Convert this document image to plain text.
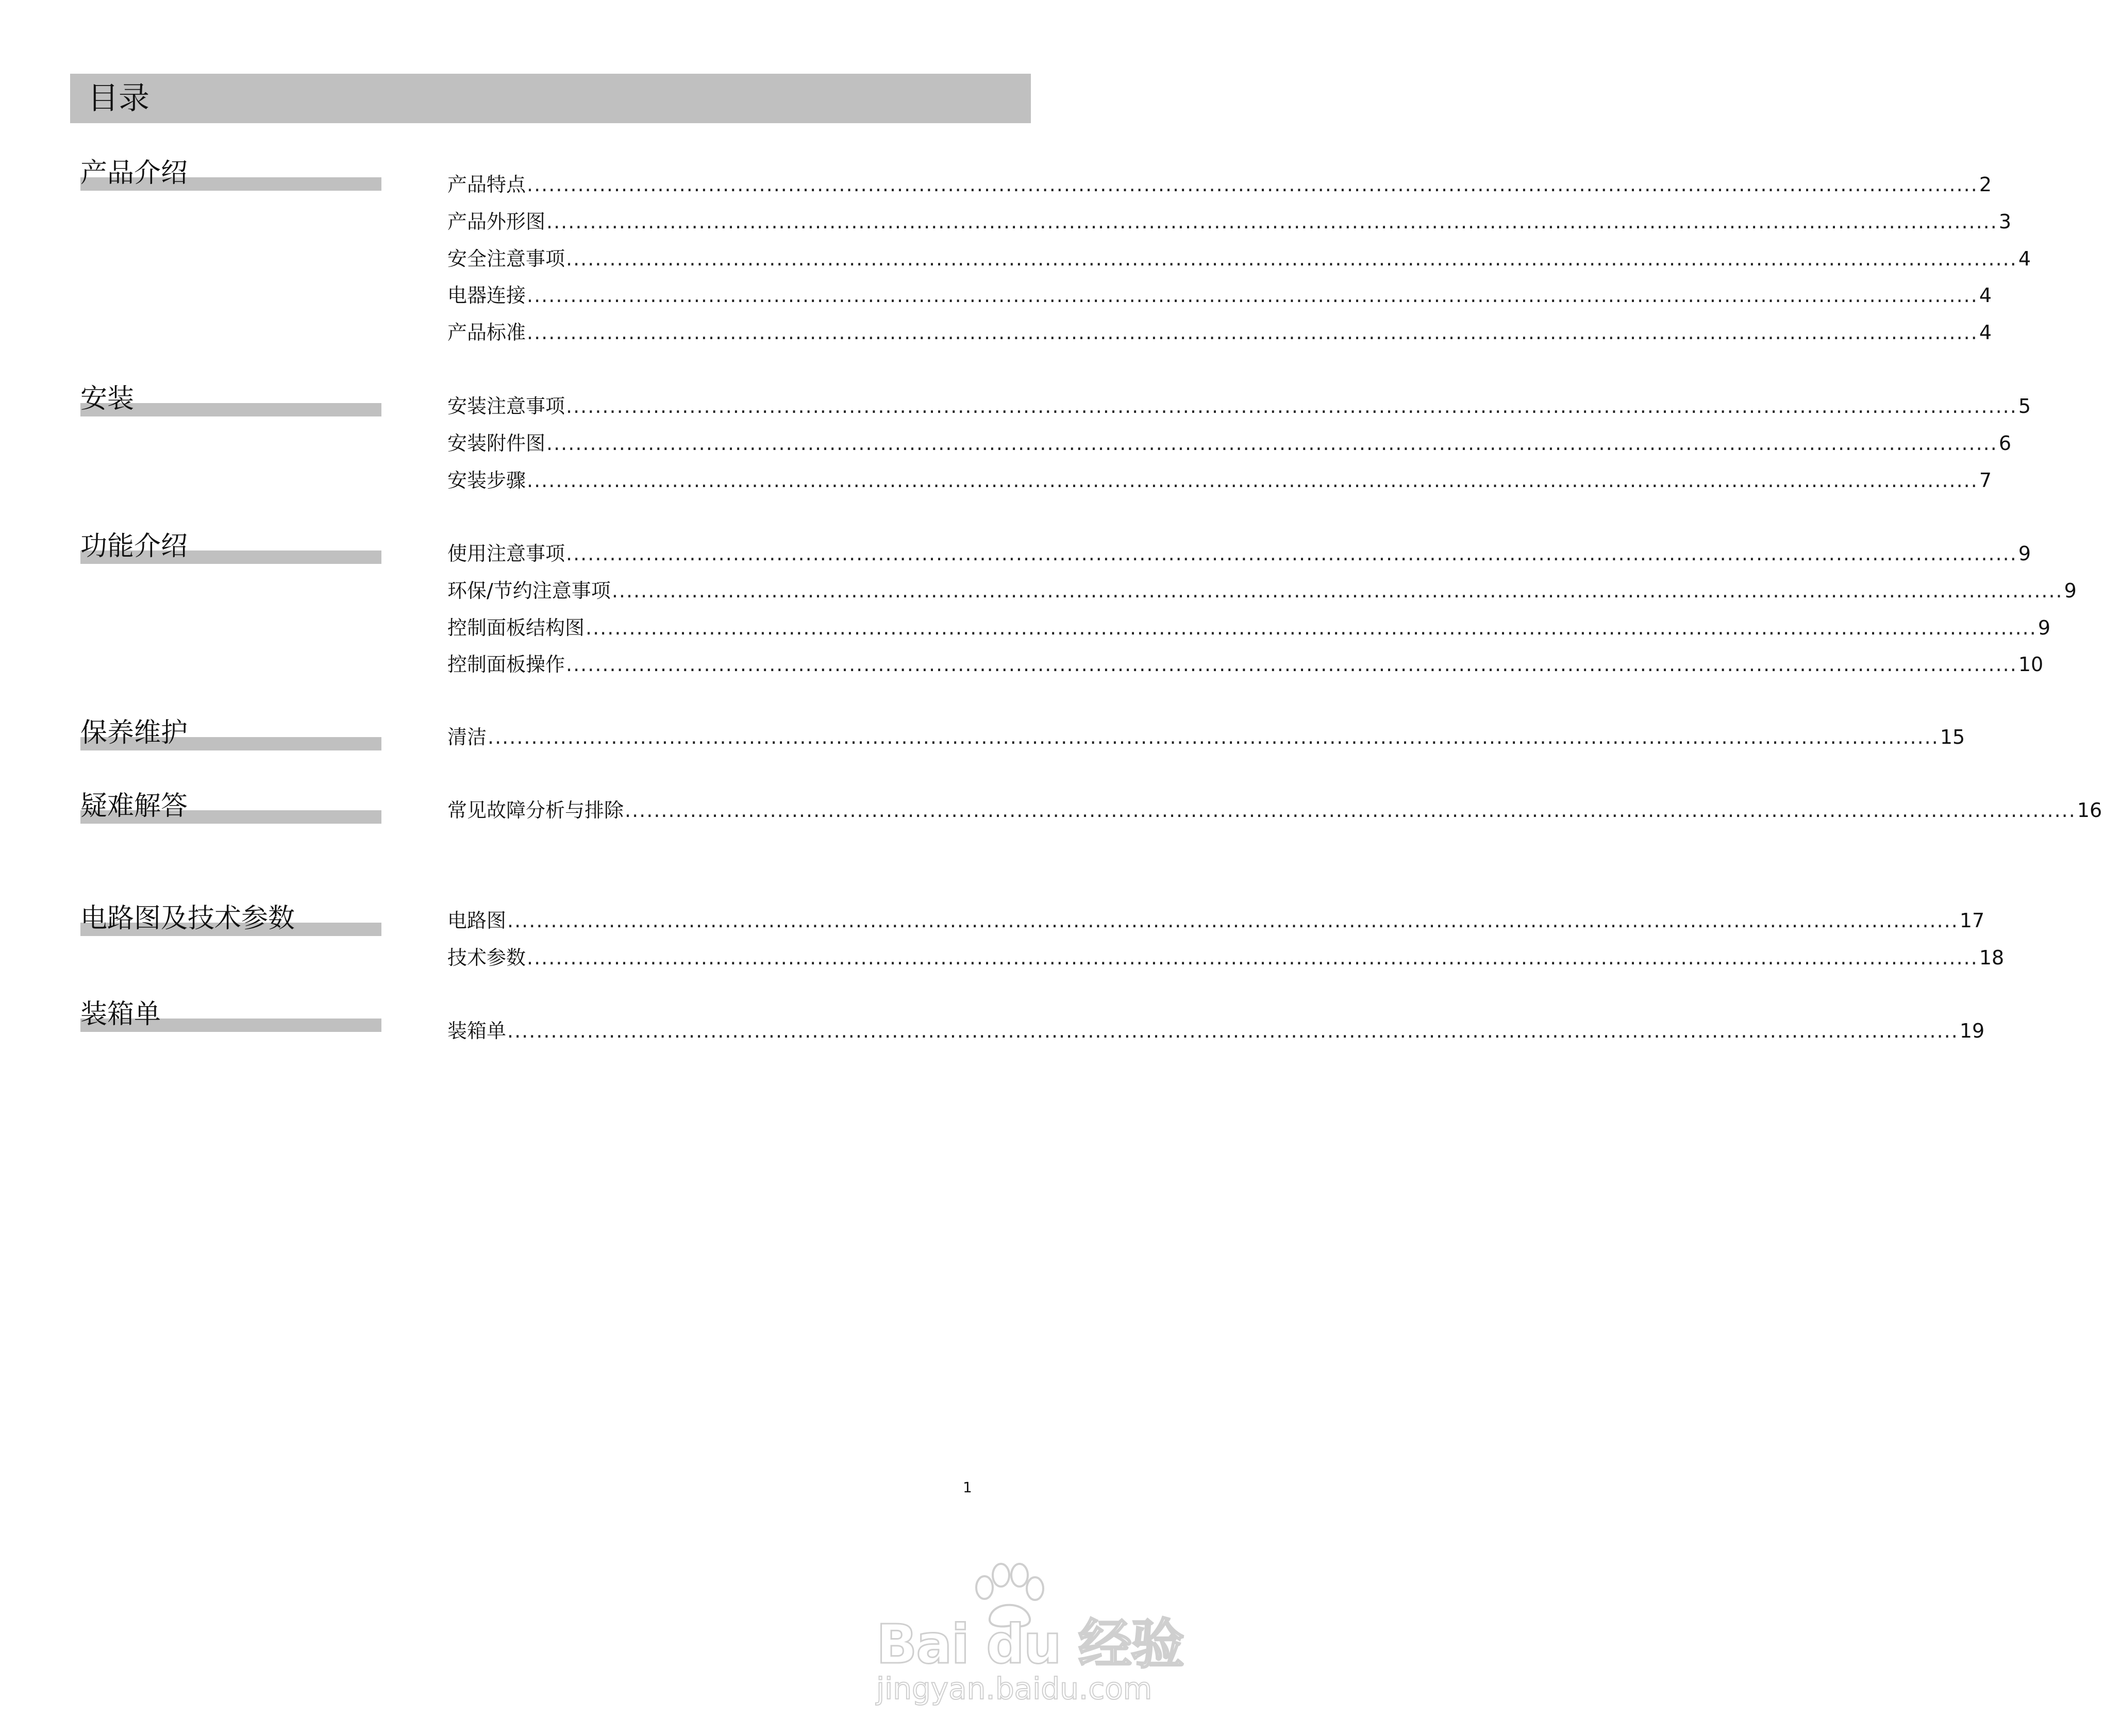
目录
产品介绍	产品特点 ........................................................................................................................................................................................................ 2
产品外形图 ........................................................................................................................................................................................................ 3
安全注意事项 ........................................................................................................................................................................................................ 4
电器连接 ........................................................................................................................................................................................................ 4
产品标准 ........................................................................................................................................................................................................ 4
安装	安装注意事项 ........................................................................................................................................................................................................ 5
安装附件图 ........................................................................................................................................................................................................ 6
安装步骤 ........................................................................................................................................................................................................ 7
功能介绍	使用注意事项 ........................................................................................................................................................................................................ 9
环保/节约注意事项 ........................................................................................................................................................................................................ 9
控制面板结构图 ........................................................................................................................................................................................................ 9
控制面板操作 ........................................................................................................................................................................................................ 10
保养维护	清洁 ........................................................................................................................................................................................................ 15
疑难解答	常见故障分析与排除 ........................................................................................................................................................................................................ 16
电路图及技术参数	电路图 ........................................................................................................................................................................................................ 17
技术参数 ........................................................................................................................................................................................................ 18
装箱单
装箱单 ........................................................................................................................................................................................................ 19
1
Bai du 经验
jingyan.baidu.com
